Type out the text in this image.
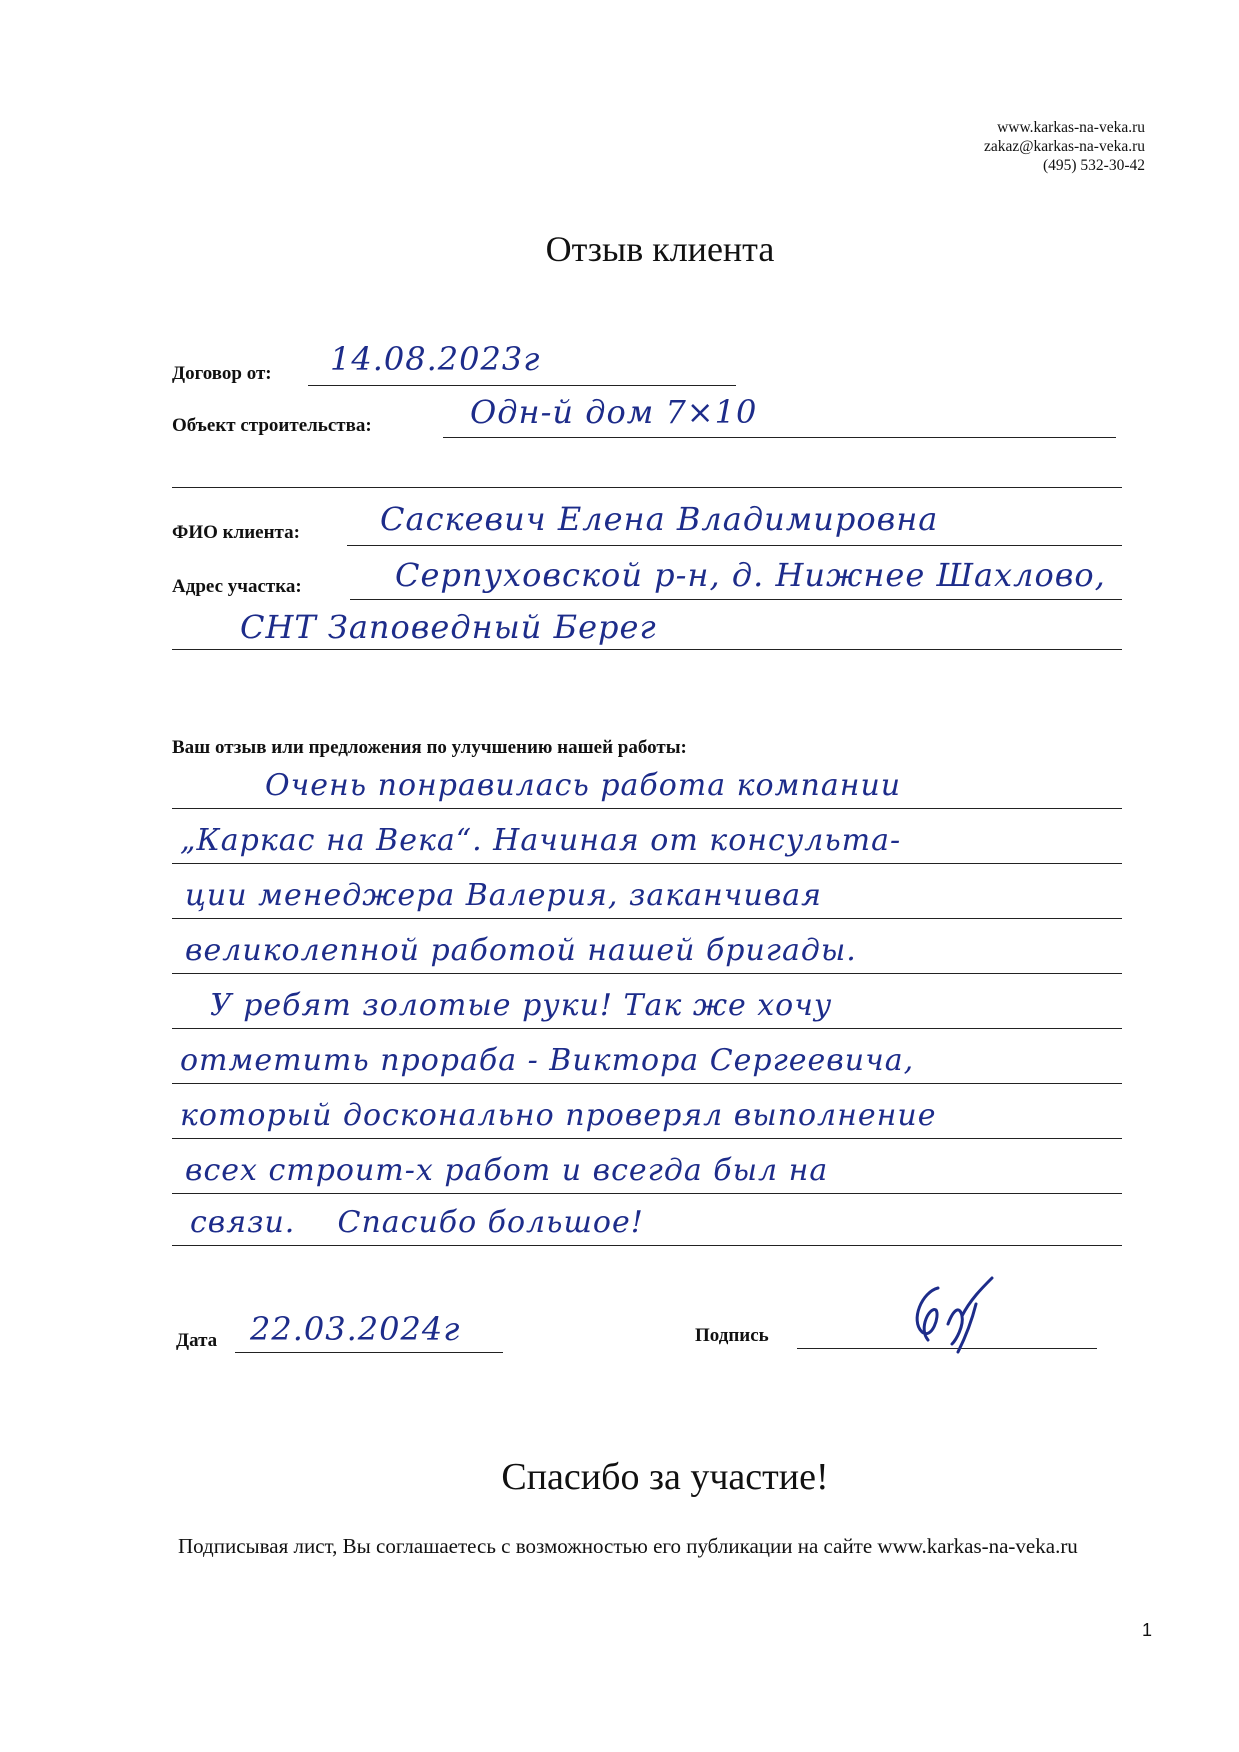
www.karkas-na-veka.ru
zakaz@karkas-na-veka.ru
(495) 532-30-42
Отзыв клиента
Договор от: 14.08.2023г
Объект строительства:	Одн-й дом 7×10
ФИО клиента:	Саскевич Елена Владимировна
Адрес участка:	Серпуховской р-н, д. Нижнее Шахлово,
СНТ Заповедный Берег
Ваш отзыв или предложения по улучшению нашей работы:
Очень понравилась работа компании
„Каркас на Века“. Начиная от консульта-
ции менеджера Валерия, заканчивая
великолепной работой нашей бригады.
У ребят золотые руки! Так же хочу
отметить прораба - Виктора Сергеевича,
который досконально проверял выполнение
всех строит-х работ и всегда был на
связи.    Спасибо большое!
Дата 22.03.2024г	Подпись
Спасибо за участие!
Подписывая лист, Вы соглашаетесь с возможностью его публикации на сайте www.karkas-na-veka.ru
1
